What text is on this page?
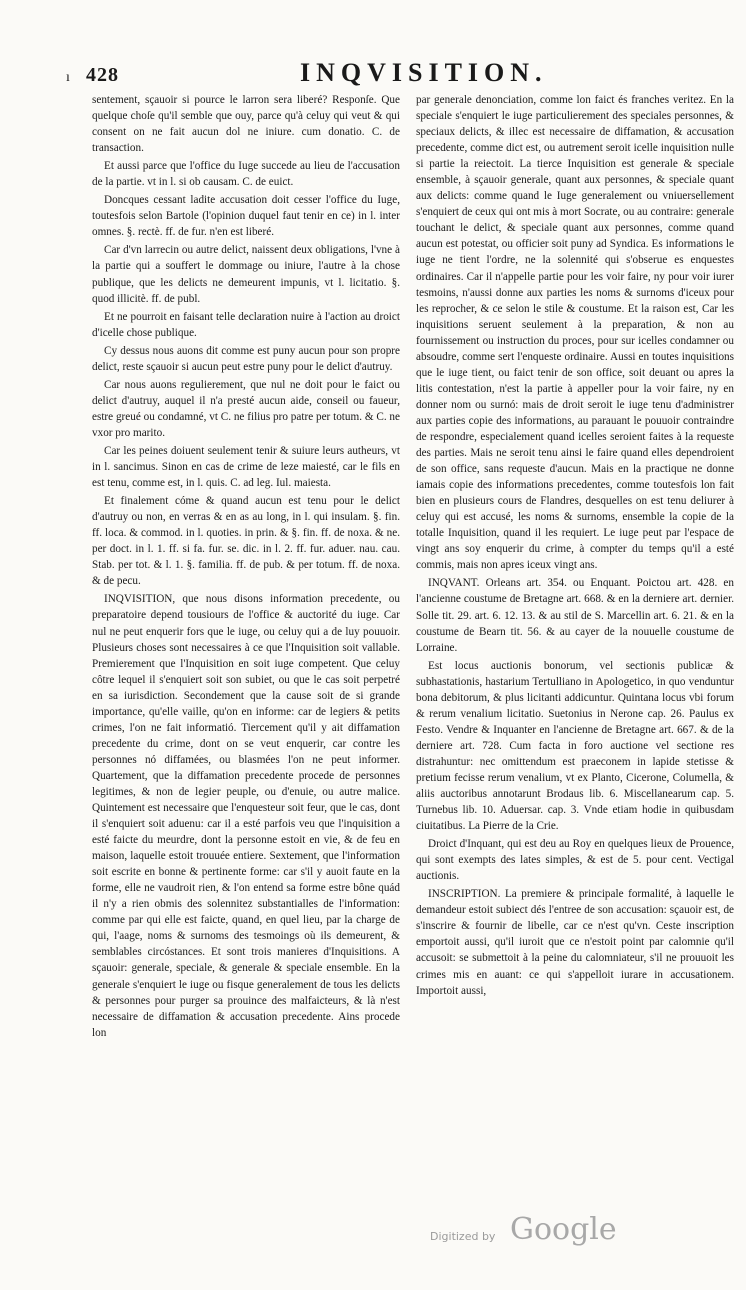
ı 428	INQVISITION.

sentement, sçauoir si pource le larron sera liberé? Responſe. Que quelque choſe qu'il semble que ouy, parce qu'à celuy qui veut & qui consent on ne fait aucun dol ne iniure. cum donatio. C. de transaction.

Et aussi parce que l'office du Iuge succede au lieu de l'accusation de la partie. vt in l. si ob causam. C. de euict.

Doncques cessant ladite accusation doit cesser l'office du Iuge, toutesfois selon Bartole (l'opinion duquel faut tenir en ce) in l. inter omnes. §. rectè. ff. de fur. n'en est liberé.

Car d'vn larrecin ou autre delict, naissent deux obligations, l'vne à la partie qui a souffert le dommage ou iniure, l'autre à la chose publique, que les delicts ne demeurent impunis, vt l. licitatio. §. quod illicitè. ff. de publ.

Et ne pourroit en faisant telle declaration nuire à l'action au droict d'icelle chose publique.

Cy dessus nous auons dit comme est puny aucun pour son propre delict, reste sçauoir si aucun peut estre puny pour le delict d'autruy.

Car nous auons regulierement, que nul ne doit pour le faict ou delict d'autruy, auquel il n'a presté aucun aide, conseil ou faueur, estre greué ou condamné, vt C. ne filius pro patre per totum. & C. ne vxor pro marito.

Car les peines doiuent seulement tenir & suiure leurs autheurs, vt in l. sancimus. Sinon en cas de crime de leze maiesté, car le fils en est tenu, comme est, in l. quis. C. ad leg. Iul. maiesta.

Et finalement cóme & quand aucun est tenu pour le delict d'autruy ou non, en verras & en as au long, in l. qui insulam. §. fin. ff. loca. & commod. in l. quoties. in prin. & §. fin. ff. de noxa. & ne. per doct. in l. 1. ff. si fa. fur. se. dic. in l. 2. ff. fur. aduer. nau. cau. Stab. per tot. & l. 1. §. familia. ff. de pub. & per totum. ff. de noxa. & de pecu.

INQVISITION, que nous disons information precedente, ou preparatoire depend tousiours de l'office & auctorité du iuge. Car nul ne peut enquerir fors que le iuge, ou celuy qui a de luy pouuoir. Plusieurs choses sont necessaires à ce que l'Inquisition soit vallable. Premierement que l'Inquisition en soit iuge competent. Que celuy côtre lequel il s'enquiert soit son subiet, ou que le cas soit perpetré en sa iurisdiction. Secondement que la cause soit de si grande importance, qu'elle vaille, qu'on en informe: car de legiers & petits crimes, l'on ne fait informatió. Tiercement qu'il y ait diffamation precedente du crime, dont on se veut enquerir, car contre les personnes nó diffamées, ou blasmées l'on ne peut informer. Quartement, que la diffamation precedente procede de personnes legitimes, & non de legier peuple, ou d'enuie, ou autre malice. Quintement est necessaire que l'enquesteur soit feur, que le cas, dont il s'enquiert soit aduenu: car il a esté parfois veu que l'inquisition a esté faicte du meurdre, dont la personne estoit en vie, & de feu en maison, laquelle estoit trouuée entiere. Sextement, que l'information soit escrite en bonne & pertinente forme: car s'il y auoit faute en la forme, elle ne vaudroit rien, & l'on entend sa forme estre bône quád il n'y a rien obmis des solennitez substantialles de l'information: comme par qui elle est faicte, quand, en quel lieu, par la charge de qui, l'aage, noms & surnoms des tesmoings où ils demeurent, & semblables circóstances. Et sont trois manieres d'Inquisitions. A sçauoir: generale, speciale, & generale & speciale ensemble. En la generale s'enquiert le iuge ou fisque generalement de tous les delicts & personnes pour purger sa prouince des malfaicteurs, & là n'est necessaire de diffamation & accusation precedente. Ains procede lon

par generale denonciation, comme lon faict és franches veritez. En la speciale s'enquiert le iuge particulierement des speciales personnes, & speciaux delicts, & illec est necessaire de diffamation, & accusation precedente, comme dict est, ou autrement seroit icelle inquisition nulle si partie la reiectoit. La tierce Inquisition est generale & speciale ensemble, à sçauoir generale, quant aux personnes, & speciale quant aux delicts: comme quand le Iuge generalement ou vniuersellement s'enquiert de ceux qui ont mis à mort Socrate, ou au contraire: generale touchant le delict, & speciale quant aux personnes, comme quand aucun est potestat, ou officier soit puny ad Syndica. Es informations le iuge ne tient l'ordre, ne la solennité qui s'obserue es enquestes ordinaires. Car il n'appelle partie pour les voir faire, ny pour voir iurer tesmoins, n'aussi donne aux parties les noms & surnoms d'iceux pour les reprocher, & ce selon le stile & coustume. Et la raison est, Car les inquisitions seruent seulement à la preparation, & non au fournissement ou instruction du proces, pour sur icelles condamner ou absoudre, comme sert l'enqueste ordinaire. Aussi en toutes inquisitions que le iuge tient, ou faict tenir de son office, soit deuant ou apres la litis contestation, n'est la partie à appeller pour la voir faire, ny en donner nom ou surnó: mais de droit seroit le iuge tenu d'administrer aux parties copie des informations, au parauant le pouuoir contraindre de respondre, especialement quand icelles seroient faites à la requeste des parties. Mais ne seroit tenu ainsi le faire quand elles dependroient de son office, sans requeste d'aucun. Mais en la practique ne donne iamais copie des informations precedentes, comme toutesfois lon fait bien en plusieurs cours de Flandres, desquelles on est tenu deliurer à celuy qui est accusé, les noms & surnoms, ensemble la copie de la totalle Inquisition, quand il les requiert. Le iuge peut par l'espace de vingt ans soy enquerir du crime, à compter du temps qu'il a esté commis, mais non apres iceux vingt ans.

INQVANT. Orleans art. 354. ou Enquant. Poictou art. 428. en l'ancienne coustume de Bretagne art. 668. & en la derniere art. dernier. Solle tit. 29. art. 6. 12. 13. & au stil de S. Marcellin art. 6. 21. & en la coustume de Bearn tit. 56. & au cayer de la nouuelle coustume de Lorraine.

Est locus auctionis bonorum, vel sectionis publicæ & subhastationis, hastarium Tertulliano in Apologetico, in quo venduntur bona debitorum, & plus licitanti addicuntur. Quintana locus vbi forum & rerum venalium licitatio. Suetonius in Nerone cap. 26. Paulus ex Festo. Vendre & Inquanter en l'ancienne de Bretagne art. 667. & de la derniere art. 728. Cum facta in foro auctione vel sectione res distrahuntur: nec omittendum est praeconem in lapide stetisse & pretium fecisse rerum venalium, vt ex Planto, Cicerone, Columella, & aliis auctoribus annotarunt Brodaus lib. 6. Miscellanearum cap. 5. Turnebus lib. 10. Aduersar. cap. 3. Vnde etiam hodie in quibusdam ciuitatibus. La Pierre de la Crie.

Droict d'Inquant, qui est deu au Roy en quelques lieux de Prouence, qui sont exempts des lates simples, & est de 5. pour cent. Vectigal auctionis.

INSCRIPTION. La premiere & principale formalité, à laquelle le demandeur estoit subiect dés l'entree de son accusation: sçauoir est, de s'inscrire & fournir de libelle, car ce n'est qu'vn. Ceste inscription emportoit aussi, qu'il iuroit que ce n'estoit point par calomnie qu'il accusoit: se submettoit à la peine du calomniateur, s'il ne prouuoit les crimes mis en auant: ce qui s'appelloit iurare in accusationem. Importoit aussi,

Digitized by Google
